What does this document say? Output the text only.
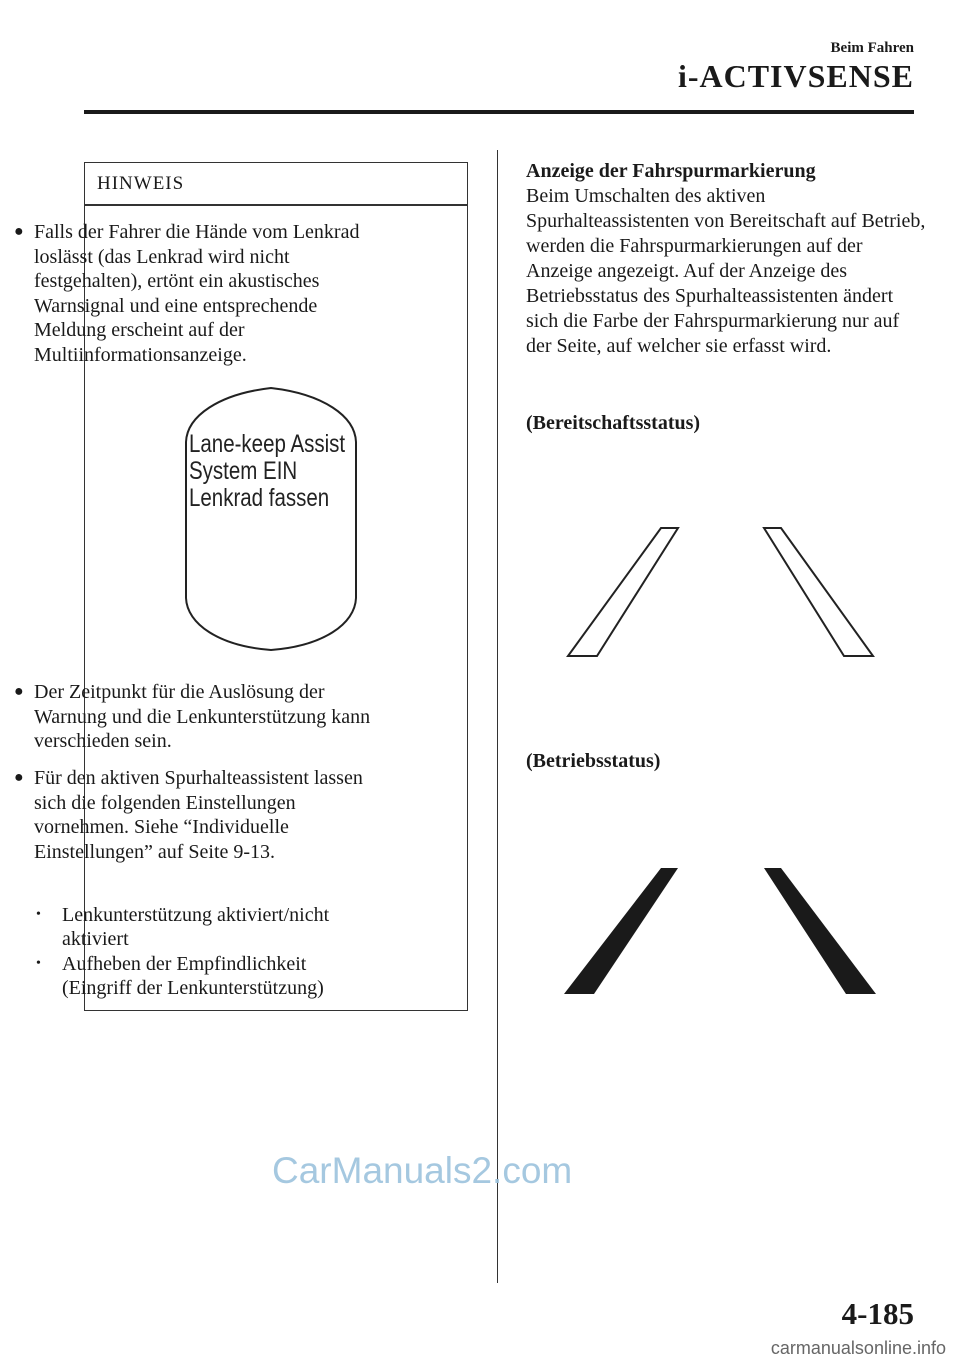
Beim Fahren
i-ACTIVSENSE
HINWEIS
● Falls der Fahrer die Hände vom Lenkrad loslässt (das Lenkrad wird nicht festgehalten), ertönt ein akustisches Warnsignal und eine entsprechende Meldung erscheint auf der Multiinformationsanzeige.
Lane-keep Assist
System EIN
Lenkrad fassen
● Der Zeitpunkt für die Auslösung der Warnung und die Lenkunterstützung kann verschieden sein.
● Für den aktiven Spurhalteassistent lassen sich die folgenden Einstellungen vornehmen. Siehe “Individuelle Einstellungen” auf Seite 9-13.
• Lenkunterstützung aktiviert/nicht aktiviert
• Aufheben der Empfindlichkeit (Eingriff der Lenkunterstützung)
Anzeige der Fahrspurmarkierung
Beim Umschalten des aktiven Spurhalteassistenten von Bereitschaft auf Betrieb, werden die Fahrspurmarkierungen auf der Anzeige angezeigt. Auf der Anzeige des Betriebsstatus des Spurhalteassistenten ändert sich die Farbe der Fahrspurmarkierung nur auf der Seite, auf welcher sie erfasst wird.
(Bereitschaftsstatus)
(Betriebsstatus)
CarManuals2.com
4-185
carmanualsonline.info
